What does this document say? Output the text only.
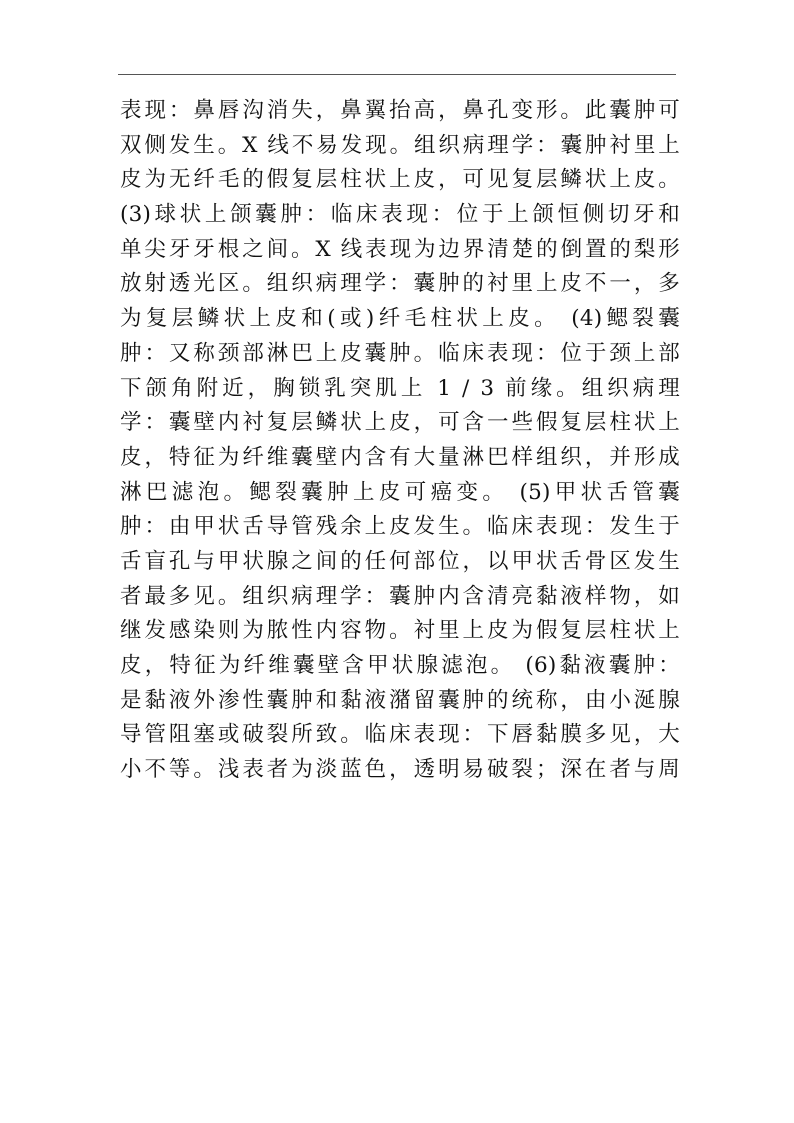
表现：鼻唇沟消失，鼻翼抬高，鼻孔变形。此囊肿可
双侧发生。X 线不易发现。组织病理学：囊肿衬里上
皮为无纤毛的假复层柱状上皮，可见复层鳞状上皮。
(3)球状上颌囊肿：临床表现：位于上颌恒侧切牙和
单尖牙牙根之间。X 线表现为边界清楚的倒置的梨形
放射透光区。组织病理学：囊肿的衬里上皮不一，多
为复层鳞状上皮和(或)纤毛柱状上皮。 (4)鳃裂囊
肿：又称颈部淋巴上皮囊肿。临床表现：位于颈上部
下颌角附近，胸锁乳突肌上 1 / 3 前缘。组织病理
学：囊壁内衬复层鳞状上皮，可含一些假复层柱状上
皮，特征为纤维囊壁内含有大量淋巴样组织，并形成
淋巴滤泡。鳃裂囊肿上皮可癌变。 (5)甲状舌管囊
肿：由甲状舌导管残余上皮发生。临床表现：发生于
舌盲孔与甲状腺之间的任何部位，以甲状舌骨区发生
者最多见。组织病理学：囊肿内含清亮黏液样物，如
继发感染则为脓性内容物。衬里上皮为假复层柱状上
皮，特征为纤维囊壁含甲状腺滤泡。 (6)黏液囊肿：
是黏液外渗性囊肿和黏液潴留囊肿的统称，由小涎腺
导管阻塞或破裂所致。临床表现：下唇黏膜多见，大
小不等。浅表者为淡蓝色，透明易破裂；深在者与周
